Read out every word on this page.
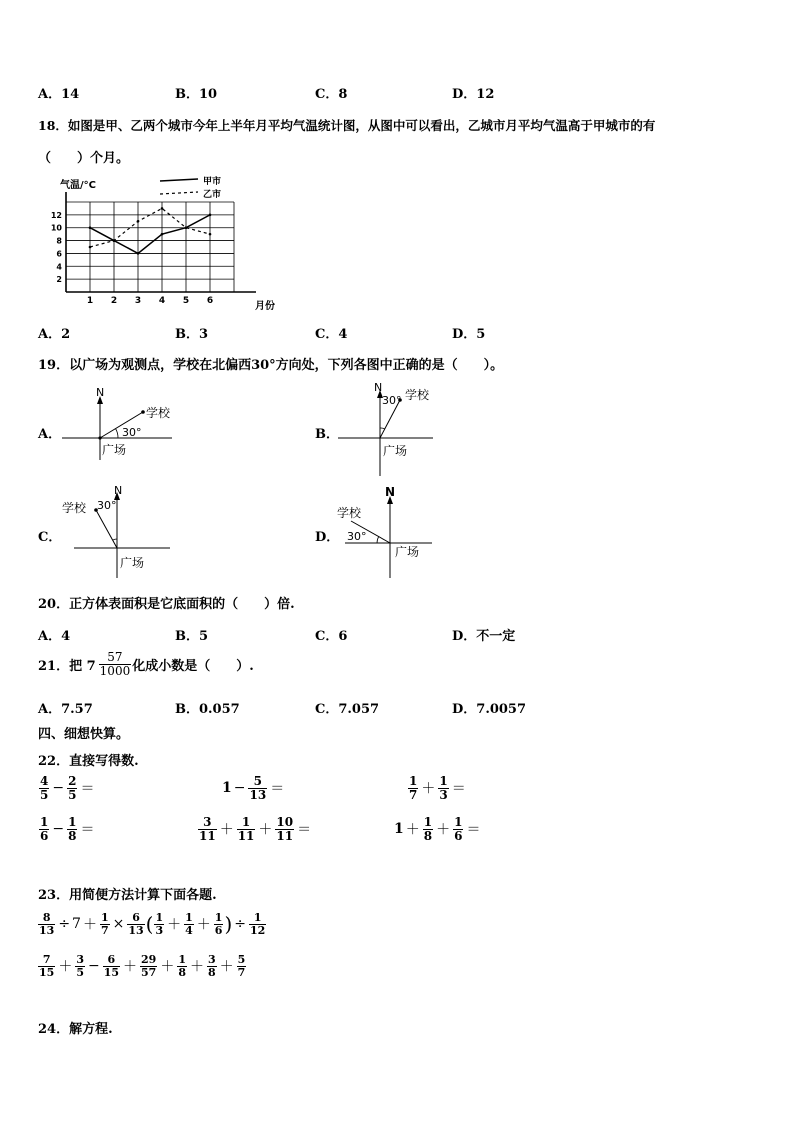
A．14	B．10	C．8	D．12
18．如图是甲、乙两个城市今年上半年月平均气温统计图，从图中可以看出，乙城市月平均气温高于甲城市的有
（　　）个月。
气温/°C
月份
甲市
乙市
12
10
8
6
4
2
1 2 3 4 5 6
A．2	B．3	C．4	D．5
19．以广场为观测点，学校在北偏西30°方向处，下列各图中正确的是（　　）。
A．
N
学校
广场
30°	B．
N
30° 学校
广场
C．
N
学校 30°
广场
D．
N
学校
30°
广场
20．正方体表面积是它底面积的（　　）倍.
A．4	B．5	C．6	D．不一定
21．把 $7 \frac{57}{1000}$ 化成小数是（　　）.
A．7.57	B．0.057	C．7.057	D．7.0057
四、细想快算。
22．直接写得数.
$\frac{4}{5} - \frac{2}{5}$ ＝	$1 - \frac{5}{13}$ ＝	$\frac{1}{7} + \frac{1}{3}$ ＝
$\frac{1}{6} - \frac{1}{8}$ ＝	$\frac{3}{11} + \frac{1}{11} + \frac{10}{11}$ ＝	$1 + \frac{1}{8} + \frac{1}{6}$ ＝
23．用简便方法计算下面各题.
$\frac{8}{13} \div 7 + \frac{1}{7} \times \frac{6}{13}$ ( $\frac{1}{3} + \frac{1}{4} + \frac{1}{6}$ ) ÷ $\frac{1}{12}$
$\frac{7}{15} + \frac{3}{5} - \frac{6}{15} + \frac{29}{57} + \frac{1}{8} + \frac{3}{8} + \frac{5}{7}$
24．解方程.
